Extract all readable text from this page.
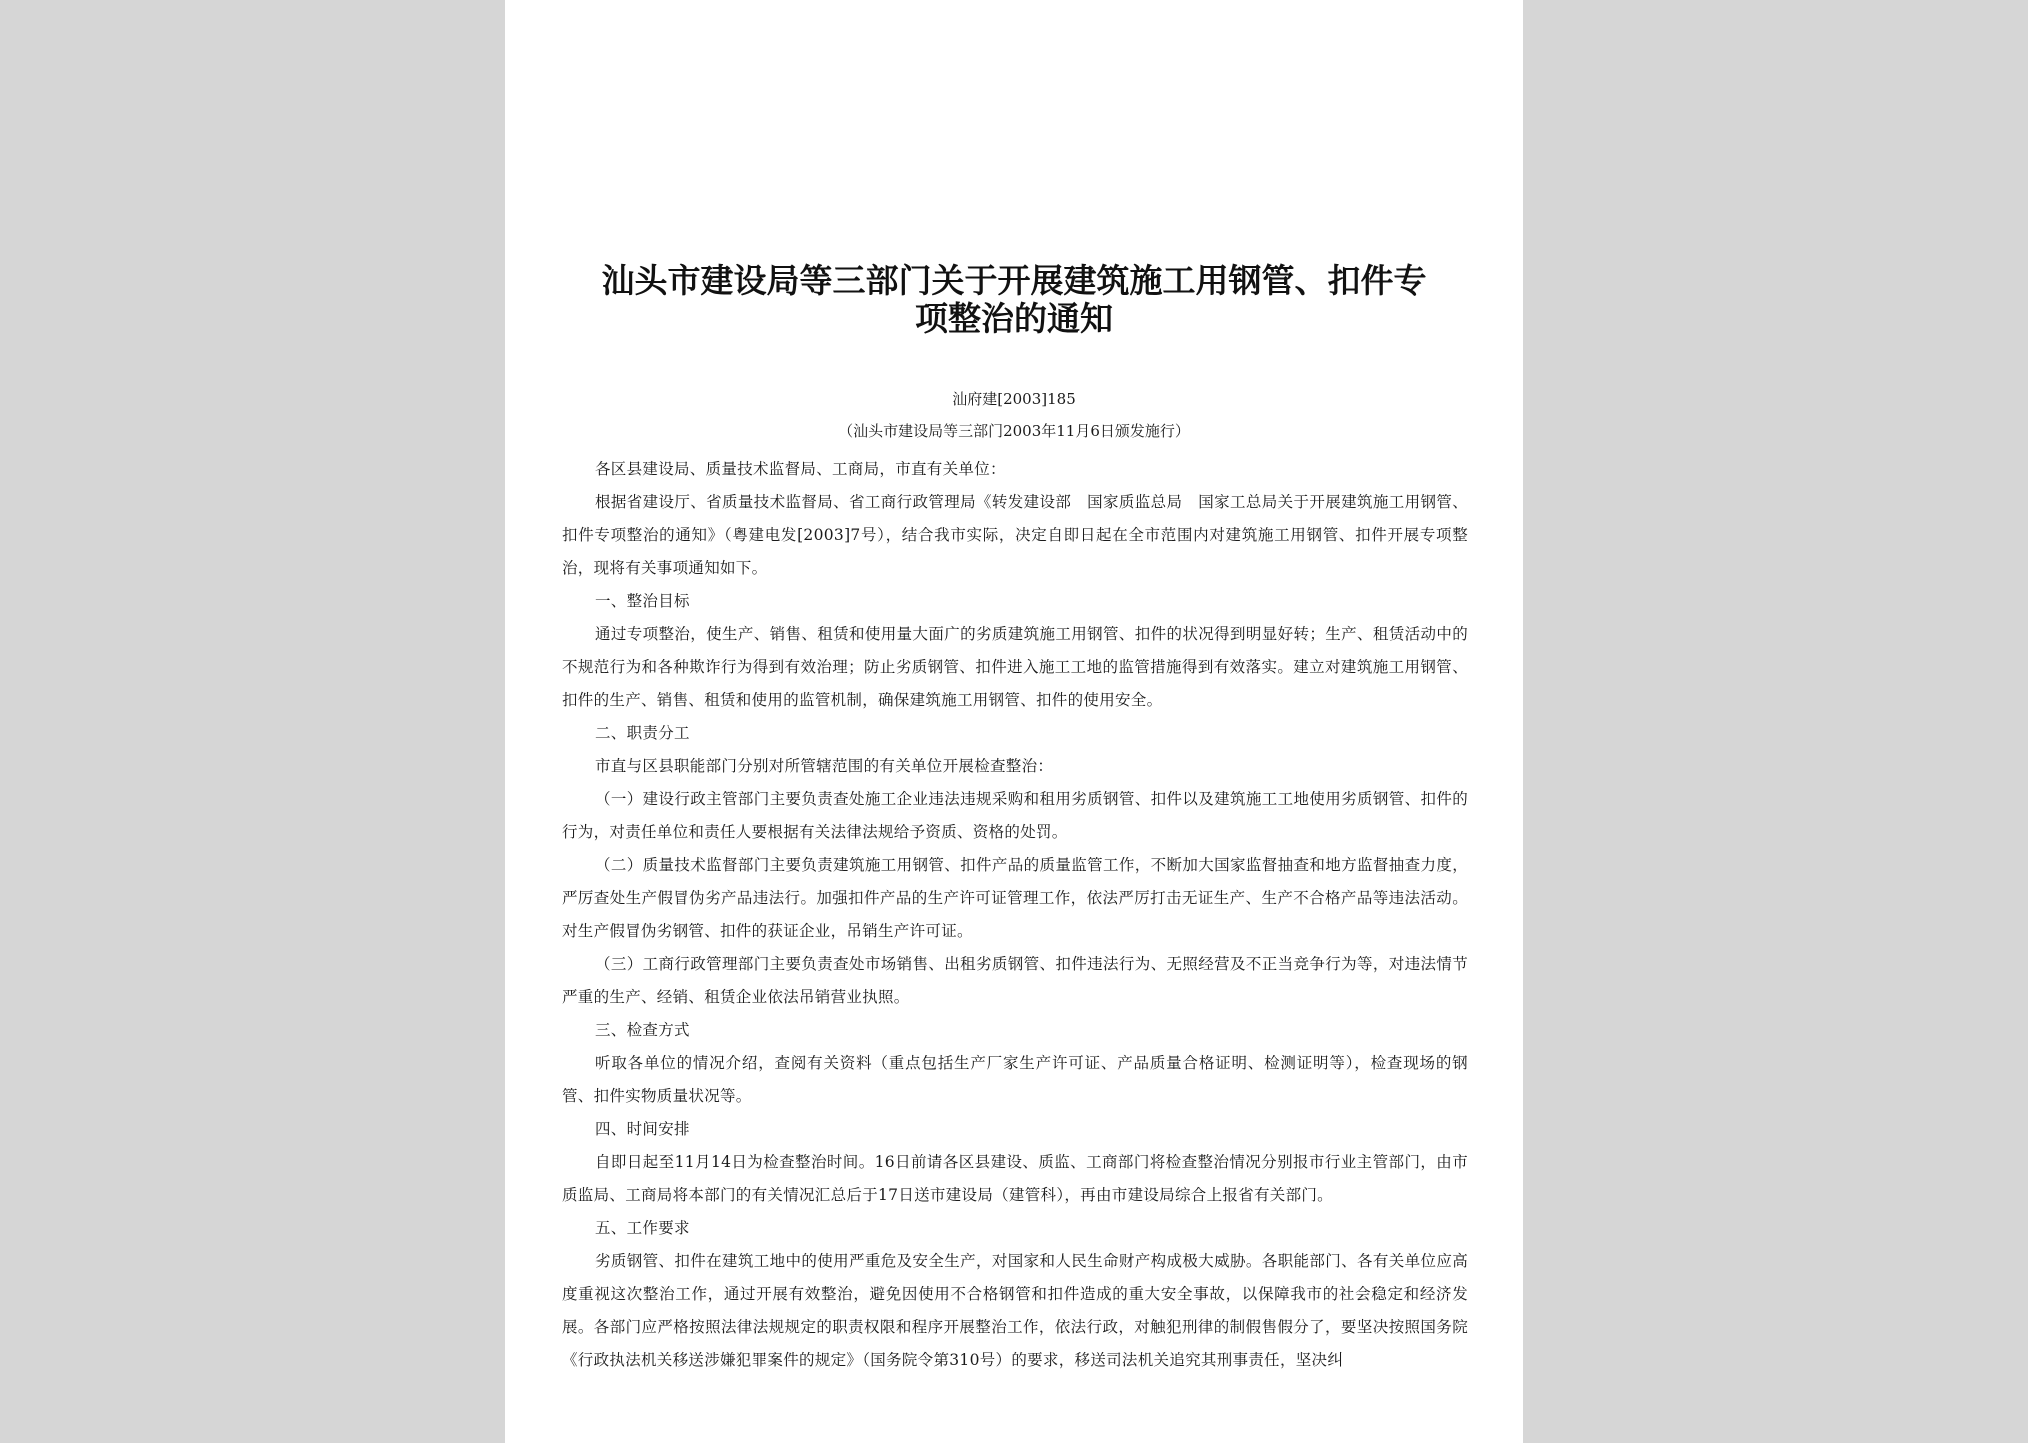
汕头市建设局等三部门关于开展建筑施工用钢管、扣件专项整治的通知
汕府建[2003]185
（汕头市建设局等三部门2003年11月6日颁发施行）

各区县建设局、质量技术监督局、工商局，市直有关单位：

根据省建设厅、省质量技术监督局、省工商行政管理局《转发建设部　国家质监总局　国家工总局关于开展建筑施工用钢管、扣件专项整治的通知》（粤建电发[2003]7号），结合我市实际，决定自即日起在全市范围内对建筑施工用钢管、扣件开展专项整治，现将有关事项通知如下。

一、整治目标

通过专项整治，使生产、销售、租赁和使用量大面广的劣质建筑施工用钢管、扣件的状况得到明显好转；生产、租赁活动中的不规范行为和各种欺诈行为得到有效治理；防止劣质钢管、扣件进入施工工地的监管措施得到有效落实。建立对建筑施工用钢管、扣件的生产、销售、租赁和使用的监管机制，确保建筑施工用钢管、扣件的使用安全。

二、职责分工

市直与区县职能部门分别对所管辖范围的有关单位开展检查整治：

（一）建设行政主管部门主要负责查处施工企业违法违规采购和租用劣质钢管、扣件以及建筑施工工地使用劣质钢管、扣件的行为，对责任单位和责任人要根据有关法律法规给予资质、资格的处罚。

（二）质量技术监督部门主要负责建筑施工用钢管、扣件产品的质量监管工作，不断加大国家监督抽查和地方监督抽查力度，严厉查处生产假冒伪劣产品违法行。加强扣件产品的生产许可证管理工作，依法严厉打击无证生产、生产不合格产品等违法活动。对生产假冒伪劣钢管、扣件的获证企业，吊销生产许可证。

（三）工商行政管理部门主要负责查处市场销售、出租劣质钢管、扣件违法行为、无照经营及不正当竞争行为等，对违法情节严重的生产、经销、租赁企业依法吊销营业执照。

三、检查方式

听取各单位的情况介绍，查阅有关资料（重点包括生产厂家生产许可证、产品质量合格证明、检测证明等），检查现场的钢管、扣件实物质量状况等。

四、时间安排

自即日起至11月14日为检查整治时间。16日前请各区县建设、质监、工商部门将检查整治情况分别报市行业主管部门，由市质监局、工商局将本部门的有关情况汇总后于17日送市建设局（建管科），再由市建设局综合上报省有关部门。

五、工作要求

劣质钢管、扣件在建筑工地中的使用严重危及安全生产，对国家和人民生命财产构成极大威胁。各职能部门、各有关单位应高度重视这次整治工作，通过开展有效整治，避免因使用不合格钢管和扣件造成的重大安全事故，以保障我市的社会稳定和经济发展。各部门应严格按照法律法规规定的职责权限和程序开展整治工作，依法行政，对触犯刑律的制假售假分了，要坚决按照国务院《行政执法机关移送涉嫌犯罪案件的规定》（国务院令第310号）的要求，移送司法机关追究其刑事责任，坚决纠
